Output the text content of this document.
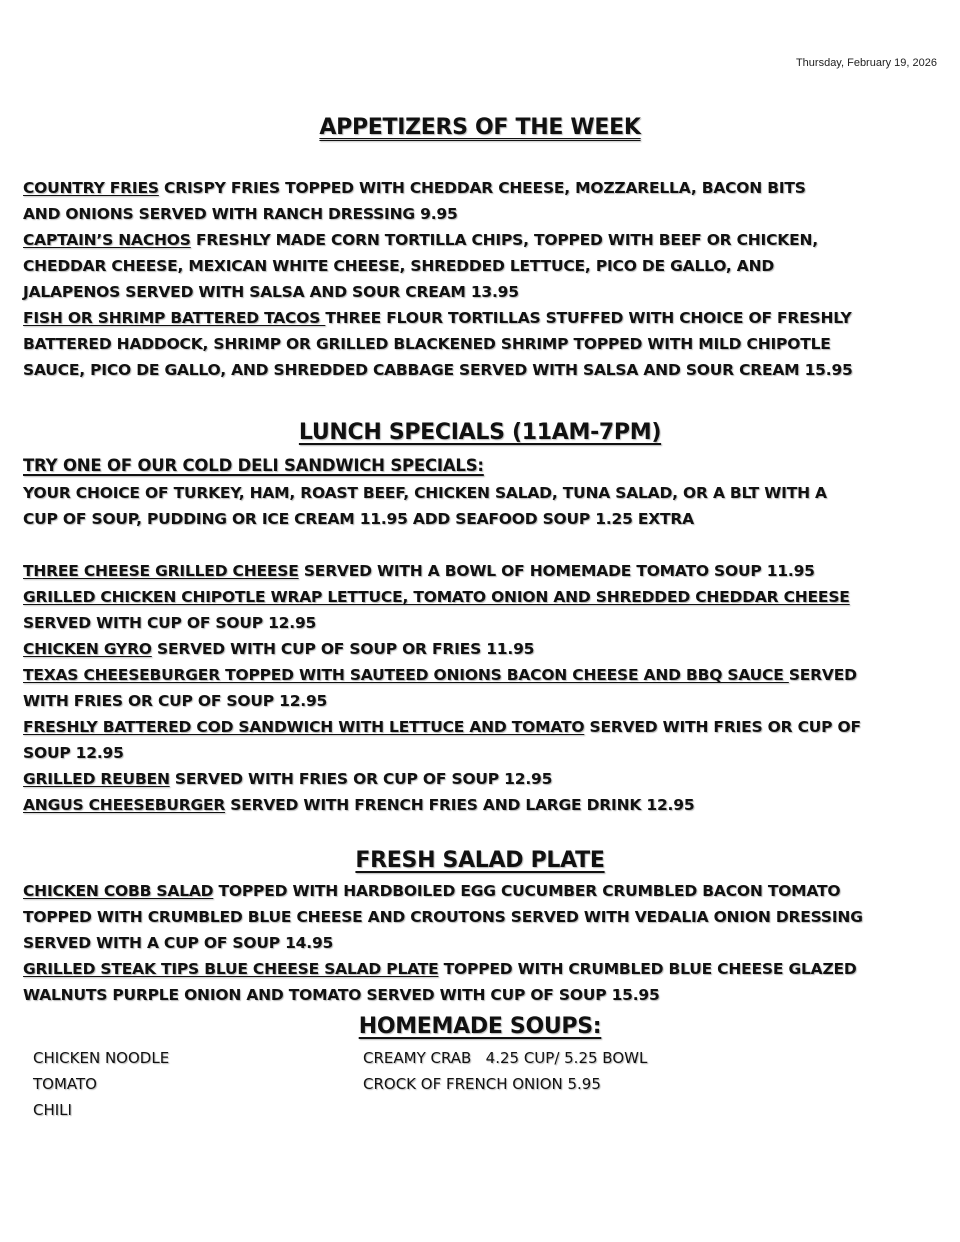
Thursday, February 19, 2026
APPETIZERS OF THE WEEK
COUNTRY FRIES CRISPY FRIES TOPPED WITH CHEDDAR CHEESE, MOZZARELLA, BACON BITS
AND ONIONS SERVED WITH RANCH DRESSING 9.95
CAPTAIN’S NACHOS FRESHLY MADE CORN TORTILLA CHIPS, TOPPED WITH BEEF OR CHICKEN,
CHEDDAR CHEESE, MEXICAN WHITE CHEESE, SHREDDED LETTUCE, PICO DE GALLO, AND
JALAPENOS SERVED WITH SALSA AND SOUR CREAM 13.95
FISH OR SHRIMP BATTERED TACOS THREE FLOUR TORTILLAS STUFFED WITH CHOICE OF FRESHLY
BATTERED HADDOCK, SHRIMP OR GRILLED BLACKENED SHRIMP TOPPED WITH MILD CHIPOTLE
SAUCE, PICO DE GALLO, AND SHREDDED CABBAGE SERVED WITH SALSA AND SOUR CREAM 15.95
LUNCH SPECIALS (11AM-7PM)
TRY ONE OF OUR COLD DELI SANDWICH SPECIALS:
YOUR CHOICE OF TURKEY, HAM, ROAST BEEF, CHICKEN SALAD, TUNA SALAD, OR A BLT WITH A
CUP OF SOUP, PUDDING OR ICE CREAM 11.95 ADD SEAFOOD SOUP 1.25 EXTRA
THREE CHEESE GRILLED CHEESE SERVED WITH A BOWL OF HOMEMADE TOMATO SOUP 11.95
GRILLED CHICKEN CHIPOTLE WRAP LETTUCE, TOMATO ONION AND SHREDDED CHEDDAR CHEESE
SERVED WITH CUP OF SOUP 12.95
CHICKEN GYRO SERVED WITH CUP OF SOUP OR FRIES 11.95
TEXAS CHEESEBURGER TOPPED WITH SAUTEED ONIONS BACON CHEESE AND BBQ SAUCE SERVED
WITH FRIES OR CUP OF SOUP 12.95
FRESHLY BATTERED COD SANDWICH WITH LETTUCE AND TOMATO SERVED WITH FRIES OR CUP OF
SOUP 12.95
GRILLED REUBEN SERVED WITH FRIES OR CUP OF SOUP 12.95
ANGUS CHEESEBURGER SERVED WITH FRENCH FRIES AND LARGE DRINK 12.95
FRESH SALAD PLATE
CHICKEN COBB SALAD TOPPED WITH HARDBOILED EGG CUCUMBER CRUMBLED BACON TOMATO
TOPPED WITH CRUMBLED BLUE CHEESE AND CROUTONS SERVED WITH VEDALIA ONION DRESSING
SERVED WITH A CUP OF SOUP 14.95
GRILLED STEAK TIPS BLUE CHEESE SALAD PLATE TOPPED WITH CRUMBLED BLUE CHEESE GLAZED
WALNUTS PURPLE ONION AND TOMATO SERVED WITH CUP OF SOUP 15.95
HOMEMADE SOUPS:
CHICKEN NOODLE
TOMATO
CHILI
CREAMY CRAB   4.25 CUP/ 5.25 BOWL
CROCK OF FRENCH ONION 5.95
